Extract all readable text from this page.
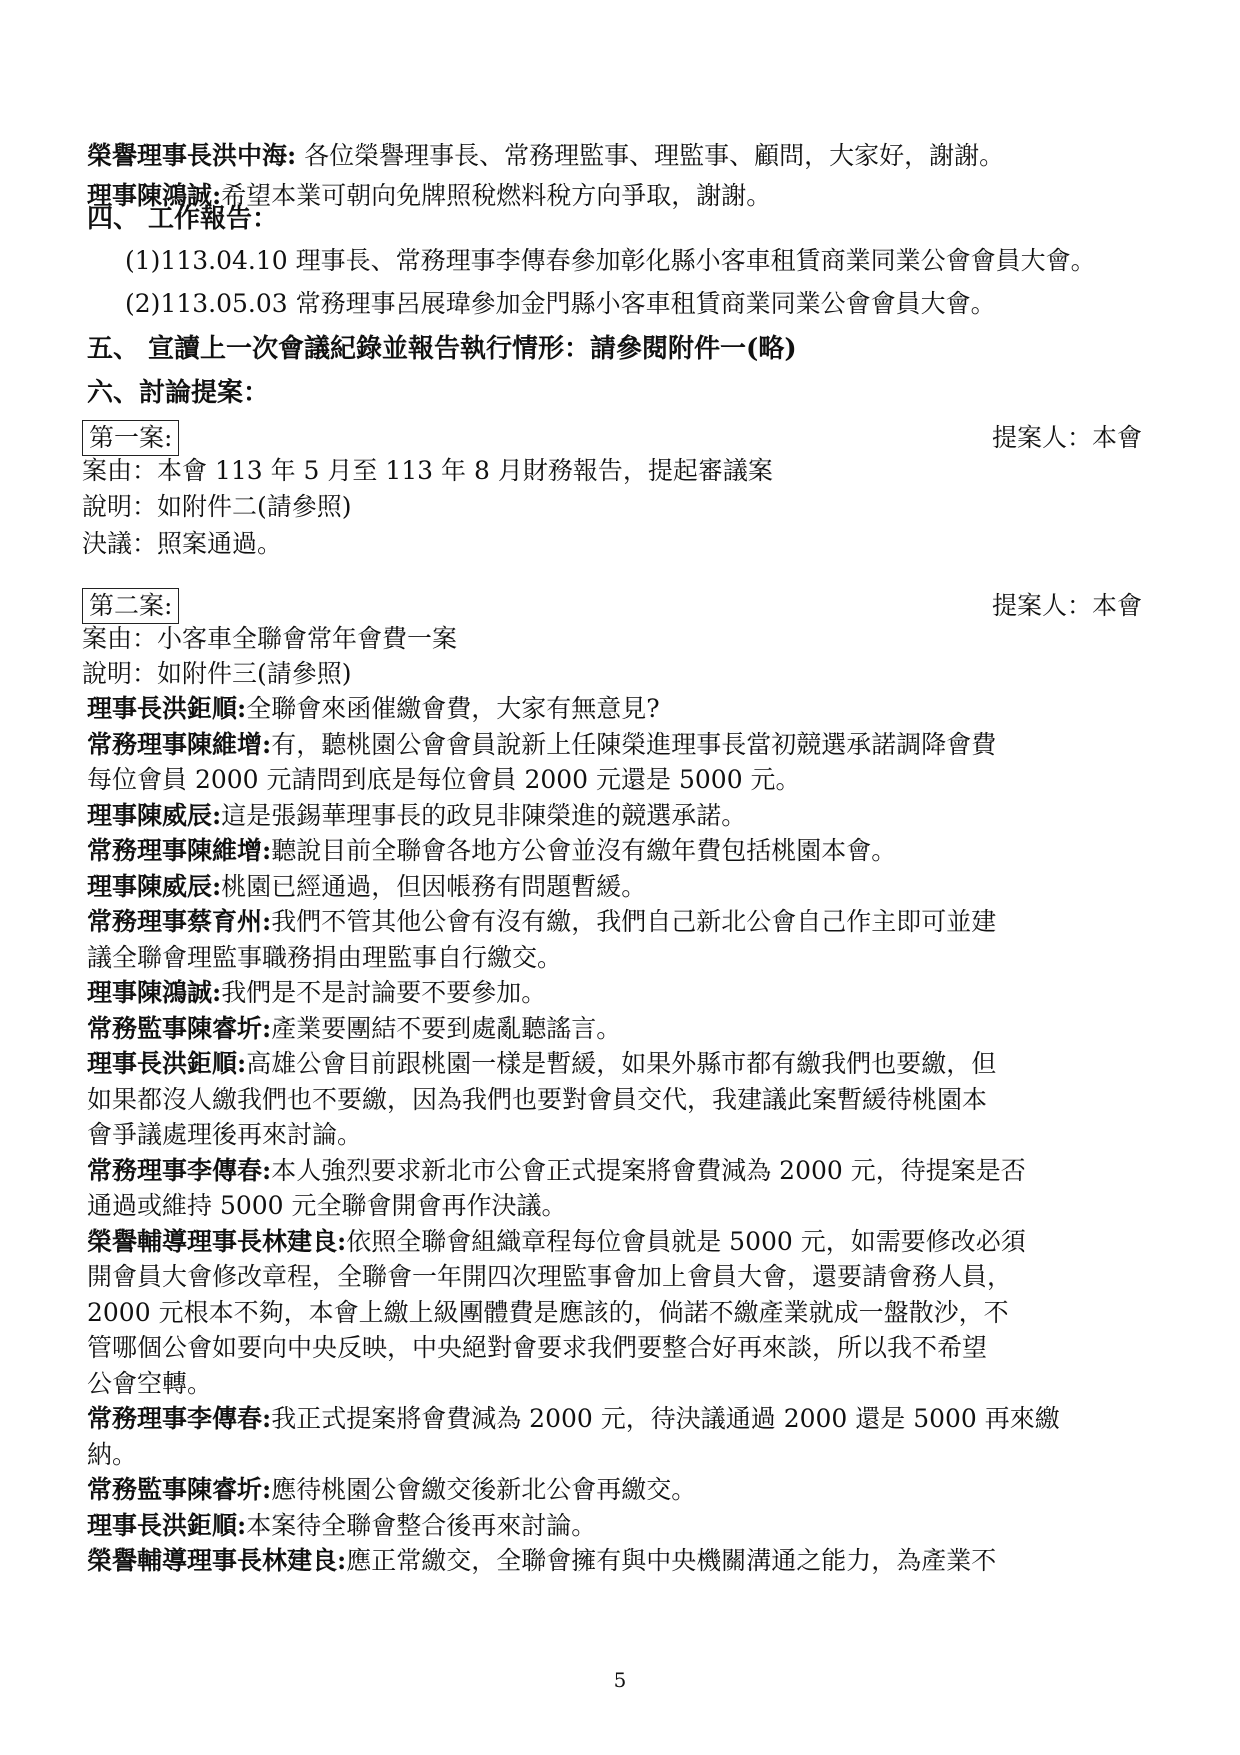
榮譽理事長洪中海: 各位榮譽理事長、常務理監事、理監事、顧問，大家好，謝謝。
理事陳鴻誠:希望本業可朝向免牌照稅燃料稅方向爭取，謝謝。
四、 工作報告：
(1)113.04.10 理事長、常務理事李傳春參加彰化縣小客車租賃商業同業公會會員大會。
(2)113.05.03 常務理事呂展瑋參加金門縣小客車租賃商業同業公會會員大會。
五、 宣讀上一次會議紀錄並報告執行情形：請參閱附件一(略)
六、討論提案：
第一案:	提案人：本會
案由：本會 113 年 5 月至 113 年 8 月財務報告，提起審議案
說明：如附件二(請參照)
決議：照案通過。
第二案:	提案人：本會
案由：小客車全聯會常年會費一案
說明：如附件三(請參照)
理事長洪鉅順:全聯會來函催繳會費，大家有無意見?
常務理事陳維增:有，聽桃園公會會員說新上任陳榮進理事長當初競選承諾調降會費
每位會員 2000 元請問到底是每位會員 2000 元還是 5000 元。
理事陳威辰:這是張錫華理事長的政見非陳榮進的競選承諾。
常務理事陳維增:聽說目前全聯會各地方公會並沒有繳年費包括桃園本會。
理事陳威辰:桃園已經通過，但因帳務有問題暫緩。
常務理事蔡育州:我們不管其他公會有沒有繳，我們自己新北公會自己作主即可並建
議全聯會理監事職務捐由理監事自行繳交。
理事陳鴻誠:我們是不是討論要不要參加。
常務監事陳睿圻:產業要團結不要到處亂聽謠言。
理事長洪鉅順:高雄公會目前跟桃園一樣是暫緩，如果外縣市都有繳我們也要繳，但
如果都沒人繳我們也不要繳，因為我們也要對會員交代，我建議此案暫緩待桃園本
會爭議處理後再來討論。
常務理事李傳春:本人強烈要求新北市公會正式提案將會費減為 2000 元，待提案是否
通過或維持 5000 元全聯會開會再作決議。
榮譽輔導理事長林建良:依照全聯會組織章程每位會員就是 5000 元，如需要修改必須
開會員大會修改章程，全聯會一年開四次理監事會加上會員大會，還要請會務人員，
2000 元根本不夠，本會上繳上級團體費是應該的，倘諾不繳產業就成一盤散沙，不
管哪個公會如要向中央反映，中央絕對會要求我們要整合好再來談，所以我不希望
公會空轉。
常務理事李傳春:我正式提案將會費減為 2000 元，待決議通過 2000 還是 5000 再來繳
納。
常務監事陳睿圻:應待桃園公會繳交後新北公會再繳交。
理事長洪鉅順:本案待全聯會整合後再來討論。
榮譽輔導理事長林建良:應正常繳交，全聯會擁有與中央機關溝通之能力，為產業不
5
